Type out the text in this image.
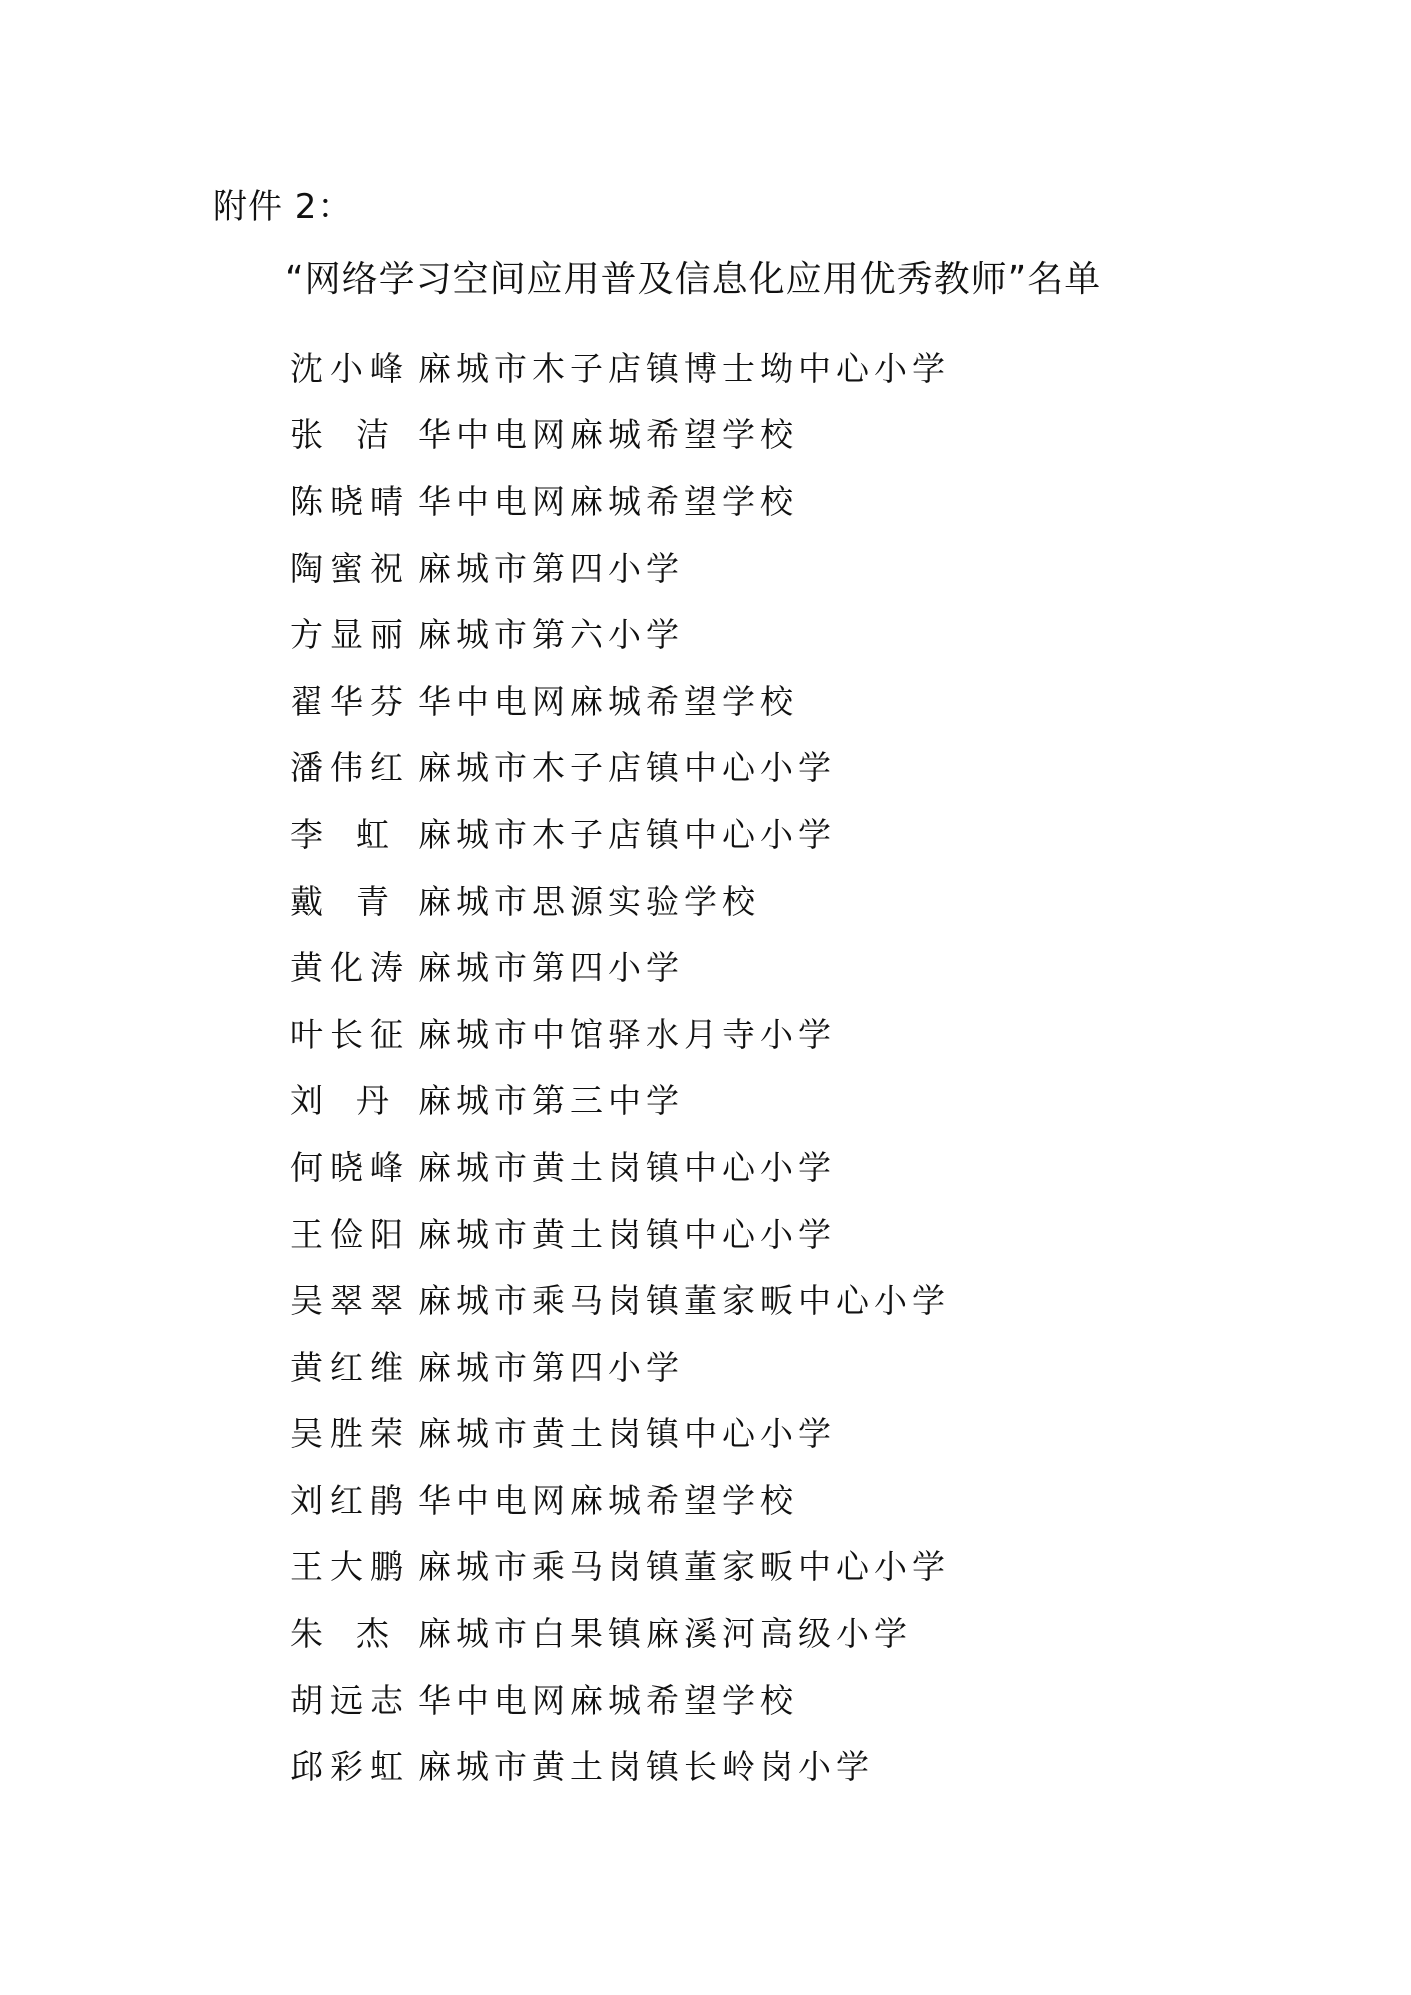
附件 2：
“网络学习空间应用普及信息化应用优秀教师”名单
沈小峰 麻城市木子店镇博士坳中心小学
张　洁 华中电网麻城希望学校
陈晓晴 华中电网麻城希望学校
陶蜜祝 麻城市第四小学
方显丽 麻城市第六小学
翟华芬 华中电网麻城希望学校
潘伟红 麻城市木子店镇中心小学
李　虹 麻城市木子店镇中心小学
戴　青 麻城市思源实验学校
黄化涛 麻城市第四小学
叶长征 麻城市中馆驿水月寺小学
刘　丹 麻城市第三中学
何晓峰 麻城市黄土岗镇中心小学
王俭阳 麻城市黄土岗镇中心小学
吴翠翠 麻城市乘马岗镇董家畈中心小学
黄红维 麻城市第四小学
吴胜荣 麻城市黄土岗镇中心小学
刘红鹃 华中电网麻城希望学校
王大鹏 麻城市乘马岗镇董家畈中心小学
朱　杰 麻城市白果镇麻溪河高级小学
胡远志 华中电网麻城希望学校
邱彩虹 麻城市黄土岗镇长岭岗小学
